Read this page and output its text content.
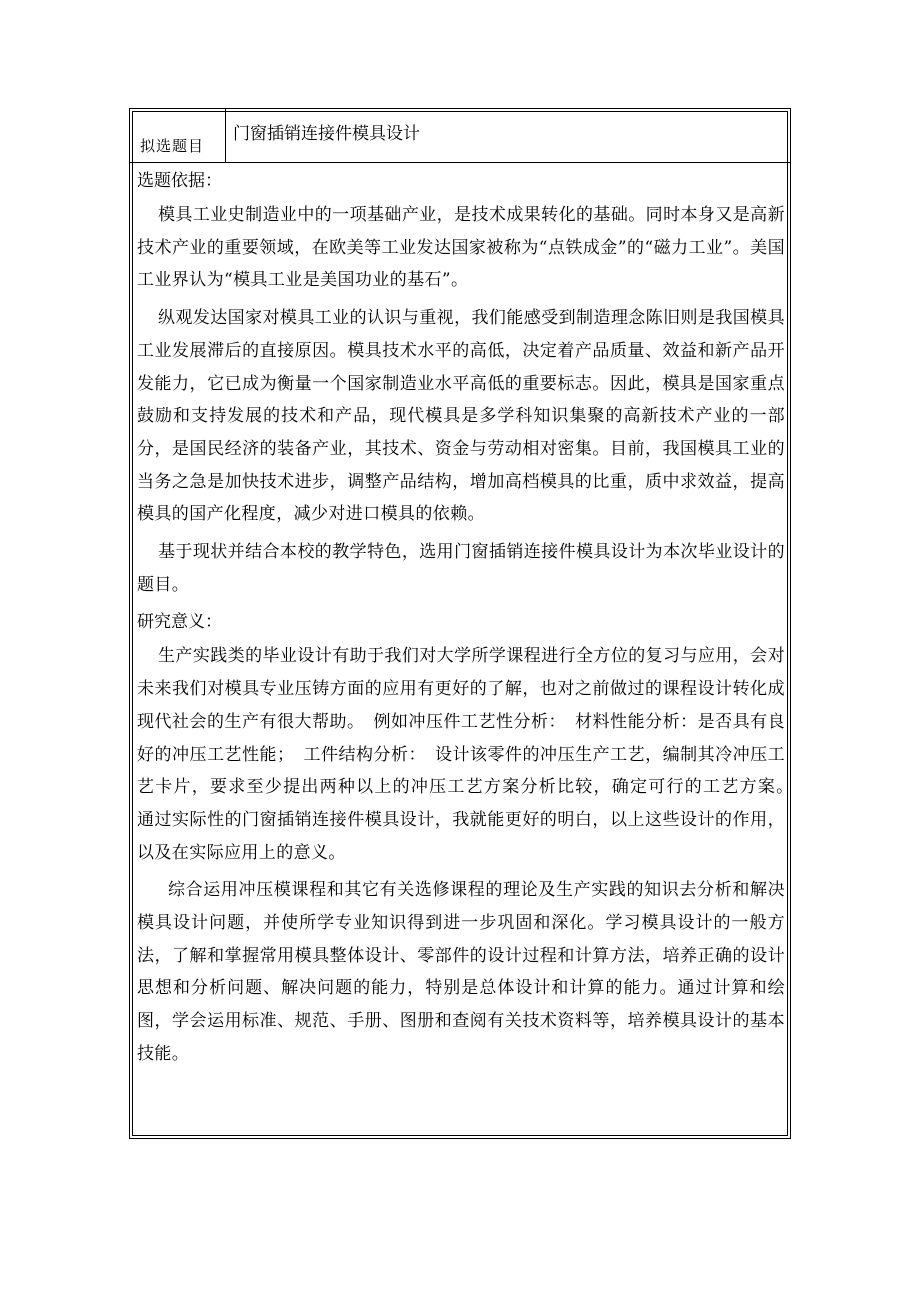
拟选题目
门窗插销连接件模具设计
选题依据：

模具工业史制造业中的一项基础产业，是技术成果转化的基础。同时本身又是高新技术产业的重要领域，在欧美等工业发达国家被称为“点铁成金”的“磁力工业”。美国工业界认为“模具工业是美国功业的基石”。

纵观发达国家对模具工业的认识与重视，我们能感受到制造理念陈旧则是我国模具工业发展滞后的直接原因。模具技术水平的高低，决定着产品质量、效益和新产品开发能力，它已成为衡量一个国家制造业水平高低的重要标志。因此，模具是国家重点鼓励和支持发展的技术和产品，现代模具是多学科知识集聚的高新技术产业的一部分，是国民经济的装备产业，其技术、资金与劳动相对密集。目前，我国模具工业的当务之急是加快技术进步，调整产品结构，增加高档模具的比重，质中求效益，提高模具的国产化程度，减少对进口模具的依赖。

基于现状并结合本校的教学特色，选用门窗插销连接件模具设计为本次毕业设计的题目。

研究意义：

生产实践类的毕业设计有助于我们对大学所学课程进行全方位的复习与应用，会对未来我们对模具专业压铸方面的应用有更好的了解，也对之前做过的课程设计转化成现代社会的生产有很大帮助。　例如冲压件工艺性分析：　材料性能分析：是否具有良好的冲压工艺性能；　工件结构分析：　设计该零件的冲压生产工艺，编制其冷冲压工艺卡片，要求至少提出两种以上的冲压工艺方案分析比较，确定可行的工艺方案。　通过实际性的门窗插销连接件模具设计，我就能更好的明白，以上这些设计的作用，以及在实际应用上的意义。

综合运用冲压模课程和其它有关选修课程的理论及生产实践的知识去分析和解决模具设计问题，并使所学专业知识得到进一步巩固和深化。学习模具设计的一般方法，了解和掌握常用模具整体设计、零部件的设计过程和计算方法，培养正确的设计思想和分析问题、解决问题的能力，特别是总体设计和计算的能力。通过计算和绘图，学会运用标准、规范、手册、图册和查阅有关技术资料等，培养模具设计的基本技能。
